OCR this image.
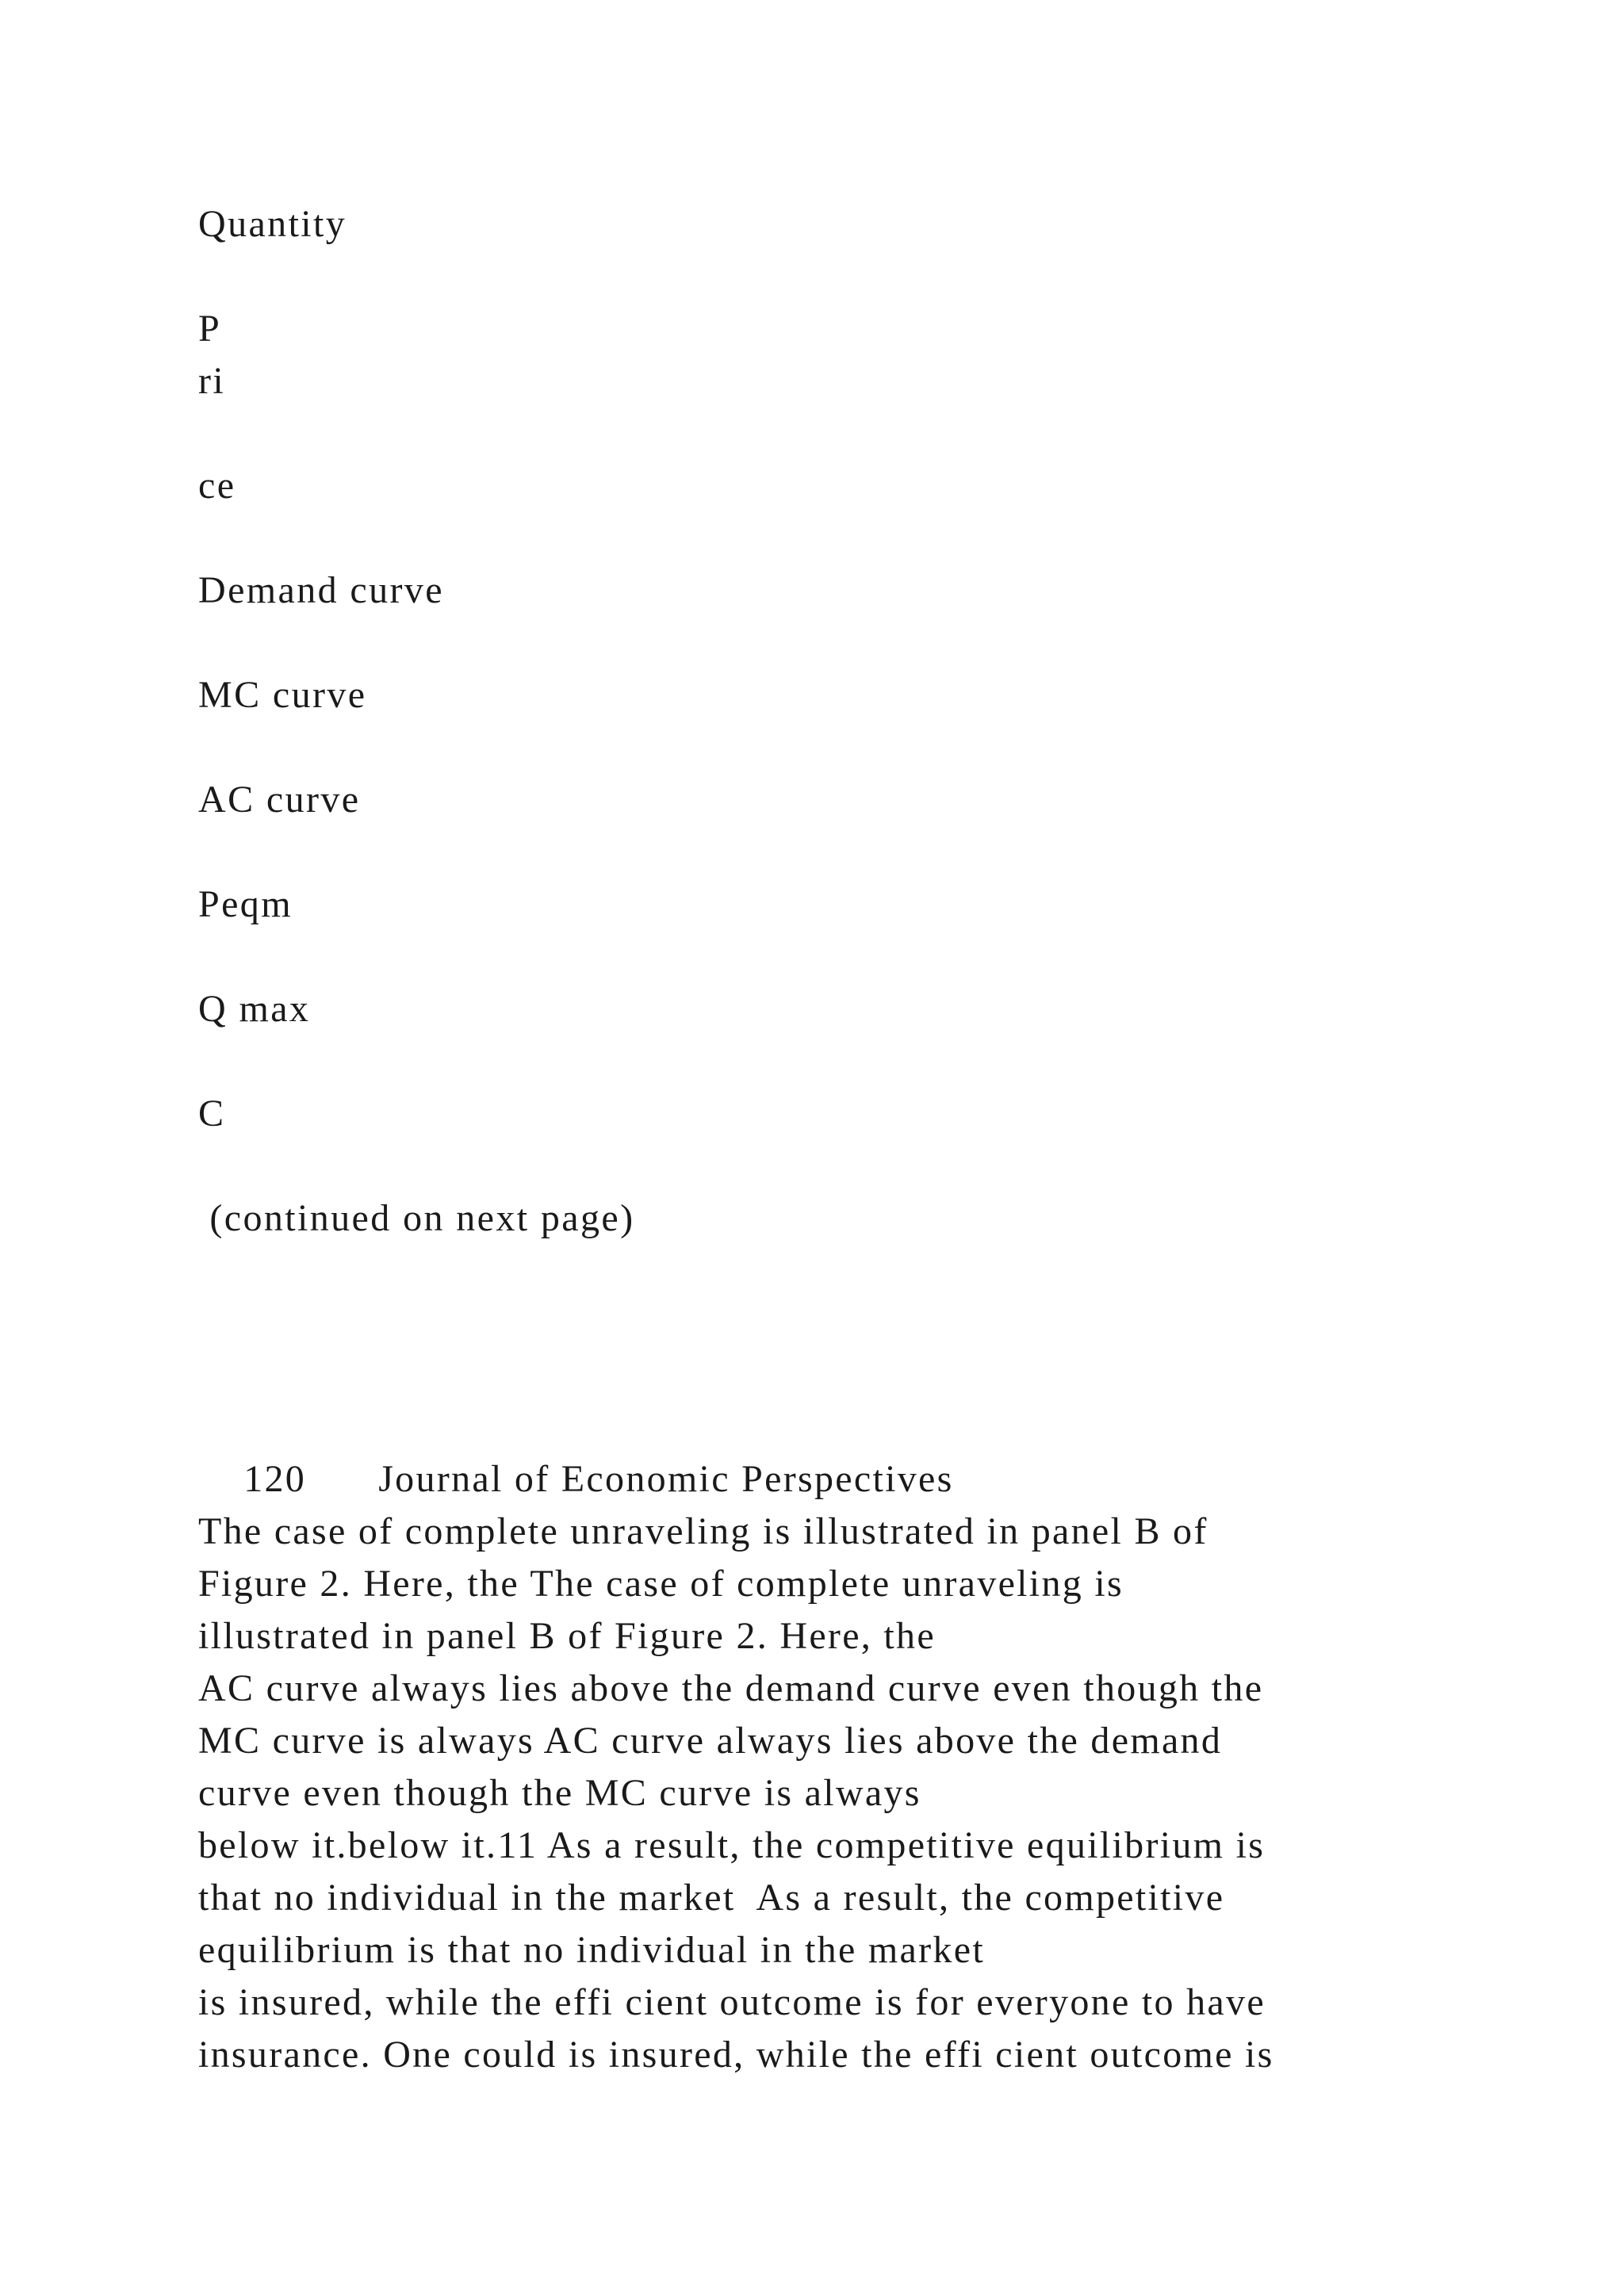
Quantity

P

ri

ce

Demand curve

MC curve

AC curve

Peqm

Q max

C

(continued on next page)

120 Journal of Economic Perspectives

The case of complete unraveling is illustrated in panel B of
Figure 2. Here, the The case of complete unraveling is
illustrated in panel B of Figure 2. Here, the
AC curve always lies above the demand curve even though the
MC curve is always AC curve always lies above the demand
curve even though the MC curve is always
below it.below it.11 As a result, the competitive equilibrium is
that no individual in the market  As a result, the competitive
equilibrium is that no individual in the market
is insured, while the effi cient outcome is for everyone to have
insurance. One could is insured, while the effi cient outcome is
